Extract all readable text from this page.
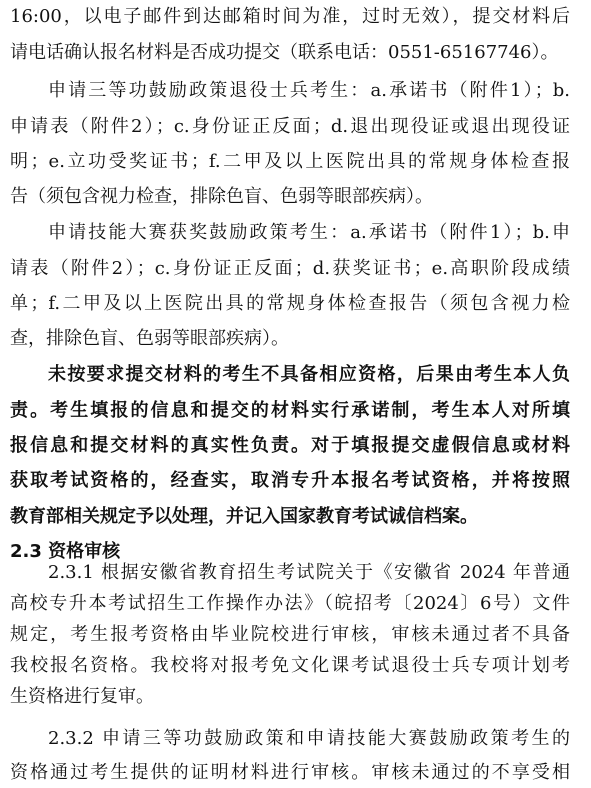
16:00，以电子邮件到达邮箱时间为准，过时无效），提交材料后
请电话确认报名材料是否成功提交（联系电话：0551-65167746）。
申请三等功鼓励政策退役士兵考生：a.承诺书（附件1）；b.
申请表（附件2）；c.身份证正反面；d.退出现役证或退出现役证
明；e.立功受奖证书；f.二甲及以上医院出具的常规身体检查报
告（须包含视力检查，排除色盲、色弱等眼部疾病）。
申请技能大赛获奖鼓励政策考生：a.承诺书（附件1）；b.申
请表（附件2）；c.身份证正反面；d.获奖证书；e.高职阶段成绩
单；f.二甲及以上医院出具的常规身体检查报告（须包含视力检
查，排除色盲、色弱等眼部疾病）。
未按要求提交材料的考生不具备相应资格，后果由考生本人负
责。考生填报的信息和提交的材料实行承诺制，考生本人对所填
报信息和提交材料的真实性负责。对于填报提交虚假信息或材料
获取考试资格的，经查实，取消专升本报名考试资格，并将按照
教育部相关规定予以处理，并记入国家教育考试诚信档案。
2.3 资格审核
2.3.1 根据安徽省教育招生考试院关于《安徽省 2024 年普通
高校专升本考试招生工作操作办法》（皖招考〔2024〕6号）文件
规定，考生报考资格由毕业院校进行审核，审核未通过者不具备
我校报名资格。我校将对报考免文化课考试退役士兵专项计划考
生资格进行复审。
2.3.2 申请三等功鼓励政策和申请技能大赛鼓励政策考生的
资格通过考生提供的证明材料进行审核。审核未通过的不享受相
